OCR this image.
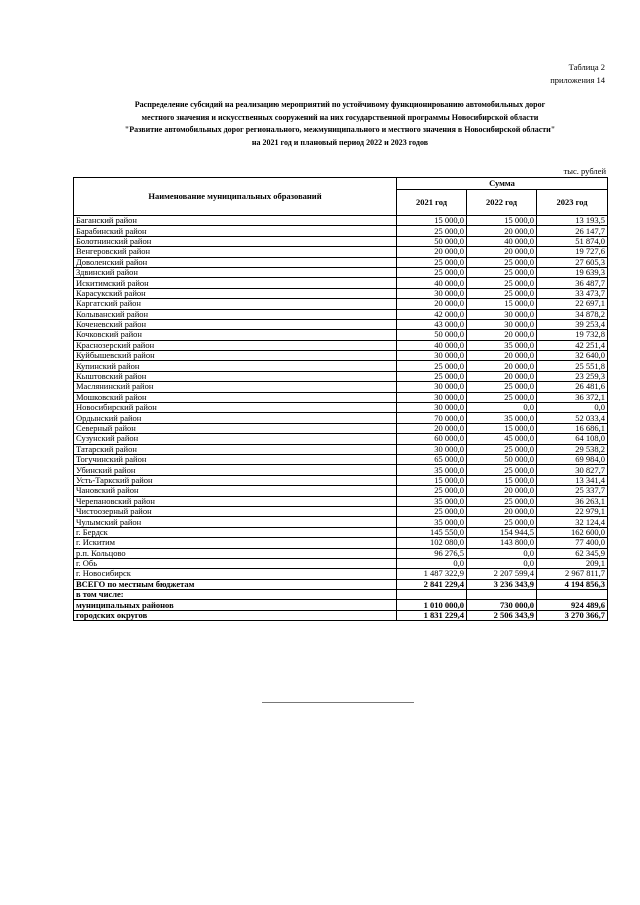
Таблица 2
приложения 14
Распределение субсидий на реализацию мероприятий по устойчивому функционированию автомобильных дорог
местного значения и искусственных сооружений на них государственной программы Новосибирской области
"Развитие автомобильных дорог регионального, межмуниципального и местного значения в Новосибирской области"
на 2021 год и плановый период 2022 и 2023 годов
тыс. рублей
Наименование муниципальных образований	Сумма		
	2021 год	2022 год	2023 год
Баганский район	15 000,0	15 000,0	13 193,5
Барабинский район	25 000,0	20 000,0	26 147,7
Болотнинский район	50 000,0	40 000,0	51 874,0
Венгеровский район	20 000,0	20 000,0	19 727,6
Доволенский район	25 000,0	25 000,0	27 605,3
Здвинский район	25 000,0	25 000,0	19 639,3
Искитимский район	40 000,0	25 000,0	36 487,7
Карасукский район	30 000,0	25 000,0	33 473,7
Каргатский район	20 000,0	15 000,0	22 697,1
Колыванский район	42 000,0	30 000,0	34 878,2
Коченевский район	43 000,0	30 000,0	39 253,4
Кочковский район	50 000,0	20 000,0	19 732,8
Краснозерский район	40 000,0	35 000,0	42 251,4
Куйбышевский район	30 000,0	20 000,0	32 640,0
Купинский район	25 000,0	20 000,0	25 551,8
Кыштовский район	25 000,0	20 000,0	23 259,3
Маслянинский район	30 000,0	25 000,0	26 481,6
Мошковский район	30 000,0	25 000,0	36 372,1
Новосибирский район	30 000,0	0,0	0,0
Ордынский район	70 000,0	35 000,0	52 033,4
Северный район	20 000,0	15 000,0	16 686,1
Сузунский район	60 000,0	45 000,0	64 108,0
Татарский район	30 000,0	25 000,0	29 538,2
Тогучинский район	65 000,0	50 000,0	69 984,0
Убинский район	35 000,0	25 000,0	30 827,7
Усть-Таркский район	15 000,0	15 000,0	13 341,4
Чановский район	25 000,0	20 000,0	25 337,7
Черепановский район	35 000,0	25 000,0	36 263,1
Чистоозерный район	25 000,0	20 000,0	22 979,1
Чулымский район	35 000,0	25 000,0	32 124,4
г. Бердск	145 550,0	154 944,5	162 600,0
г. Искитим	102 080,0	143 800,0	77 400,0
р.п. Кольцово	96 276,5	0,0	62 345,9
г. Обь	0,0	0,0	209,1
г. Новосибирск	1 487 322,9	2 207 599,4	2 967 811,7
ВСЕГО по местным бюджетам	2 841 229,4	3 236 343,9	4 194 856,3
в том числе:			
муниципальных районов	1 010 000,0	730 000,0	924 489,6
городских округов	1 831 229,4	2 506 343,9	3 270 366,7
